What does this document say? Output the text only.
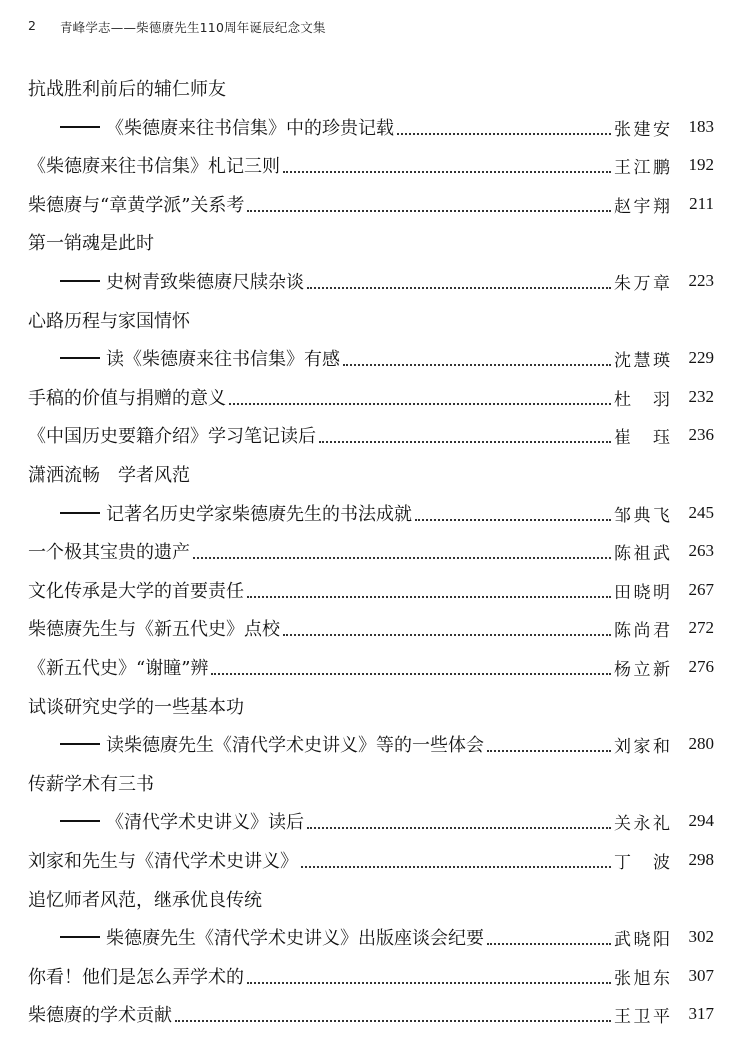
2 青峰学志——柴德赓先生110周年诞辰纪念文集
抗战胜利前后的辅仁师友
《柴德赓来往书信集》中的珍贵记载	张建安	183
《柴德赓来往书信集》札记三则	王江鹏	192
柴德赓与“章黄学派”关系考	赵宇翔	211
第一销魂是此时
史树青致柴德赓尺牍杂谈	朱万章	223
心路历程与家国情怀
读《柴德赓来往书信集》有感	沈慧瑛	229
手稿的价值与捐赠的意义	杜羽	232
《中国历史要籍介绍》学习笔记读后	崔珏	236
潇洒流畅　学者风范
记著名历史学家柴德赓先生的书法成就	邹典飞	245
一个极其宝贵的遗产	陈祖武	263
文化传承是大学的首要责任	田晓明	267
柴德赓先生与《新五代史》点校	陈尚君	272
《新五代史》“谢瞳”辨	杨立新	276
试谈研究史学的一些基本功
读柴德赓先生《清代学术史讲义》等的一些体会	刘家和	280
传薪学术有三书
《清代学术史讲义》读后	关永礼	294
刘家和先生与《清代学术史讲义》	丁波	298
追忆师者风范，继承优良传统
柴德赓先生《清代学术史讲义》出版座谈会纪要	武晓阳	302
你看！他们是怎么弄学术的	张旭东	307
柴德赓的学术贡献	王卫平	317
